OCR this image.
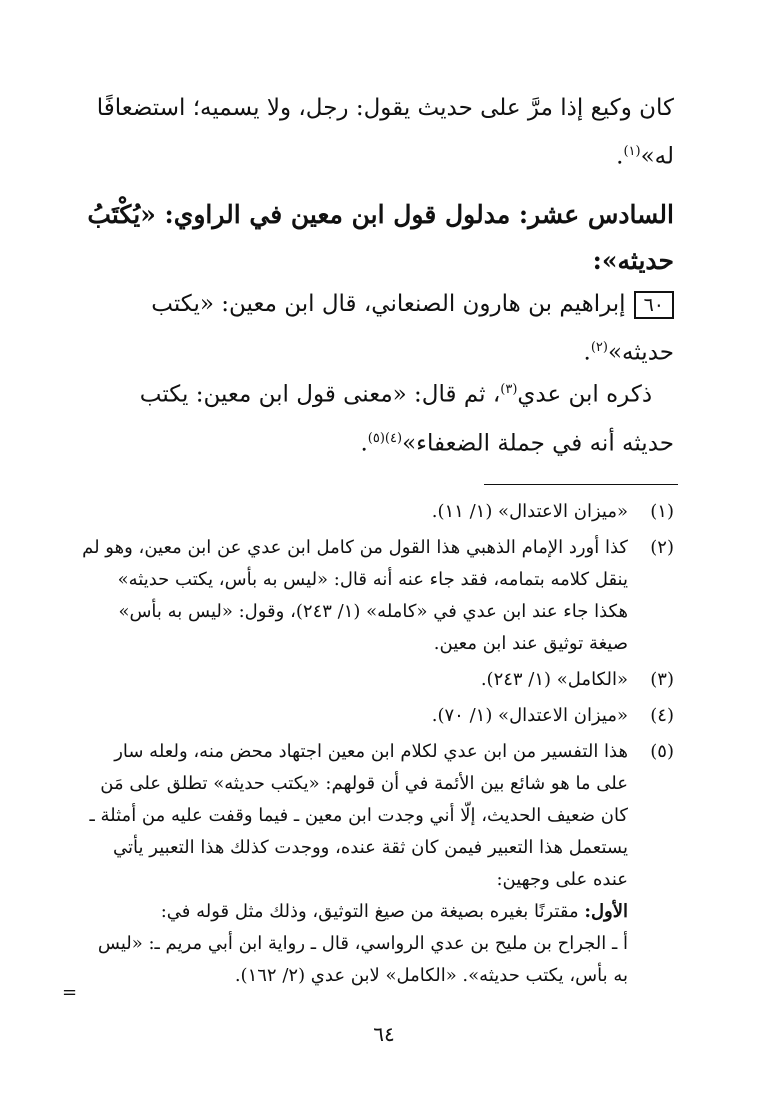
كان وكيع إذا مرَّ على حديث يقول: رجل، ولا يسميه؛ استضعافًا له»$^{(١)}$.
السادس عشر: مدلول قول ابن معين في الراوي: «يُكْتَبُ حديثه»:
٦٠إبراهيم بن هارون الصنعاني، قال ابن معين: «يكتب حديثه»$^{(٢)}$.
ذكره ابن عدي$^{(٣)}$، ثم قال: «معنى قول ابن معين: يكتب حديثه أنه في جملة الضعفاء»$^{(٤)(٥)}$.
(١)
«ميزان الاعتدال» (١/ ١١).
(٢)
كذا أورد الإمام الذهبي هذا القول من كامل ابن عدي عن ابن معين، وهو لم ينقل كلامه بتمامه، فقد جاء عنه أنه قال: «ليس به بأس، يكتب حديثه» هكذا جاء عند ابن عدي في «كامله» (١/ ٢٤٣)، وقول: «ليس به بأس» صيغة توثيق عند ابن معين.
(٣)
«الكامل» (١/ ٢٤٣).
(٤)
«ميزان الاعتدال» (١/ ٧٠).
(٥)
هذا التفسير من ابن عدي لكلام ابن معين اجتهاد محض منه، ولعله سار على ما هو شائع بين الأئمة في أن قولهم: «يكتب حديثه» تطلق على مَن كان ضعيف الحديث، إلّا أني وجدت ابن معين ـ فيما وقفت عليه من أمثلة ـ يستعمل هذا التعبير فيمن كان ثقة عنده، ووجدت كذلك هذا التعبير يأتي عنده على وجهين:
الأول: مقترنًا بغيره بصيغة من صيغ التوثيق، وذلك مثل قوله في:
أ ـ الجراح بن مليح بن عدي الرواسي، قال ـ رواية ابن أبي مريم ـ: «ليس به بأس، يكتب حديثه». «الكامل» لابن عدي (٢/ ١٦٢).
=
٦٤
